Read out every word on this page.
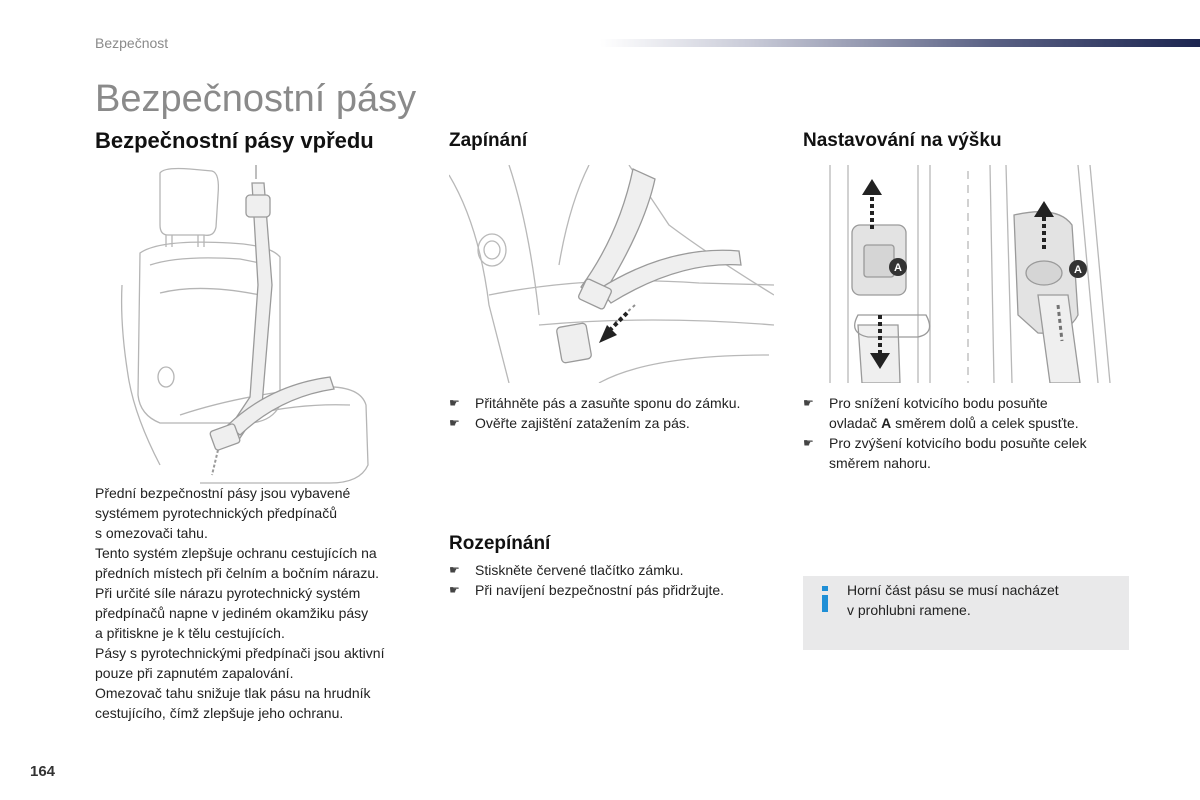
Bezpečnost
Bezpečnostní pásy
Bezpečnostní pásy vpředu

Přední bezpečnostní pásy jsou vybavené

systémem pyrotechnických předpínačů

s omezovači tahu.

Tento systém zlepšuje ochranu cestujících na

předních místech při čelním a bočním nárazu.

Při určité síle nárazu pyrotechnický systém

předpínačů napne v jediném okamžiku pásy

a přitiskne je k tělu cestujících.

Pásy s pyrotechnickými předpínači jsou aktivní

pouze při zapnutém zapalování.

Omezovač tahu snižuje tlak pásu na hrudník

cestujícího, čímž zlepšuje jeho ochranu.

Zapínání
☛ Přitáhněte pás a zasuňte sponu do zámku.
☛ Ověřte zajištění zatažením za pás.
Rozepínání
☛ Stiskněte červené tlačítko zámku.
☛ Při navíjení bezpečnostní pás přidržujte.
Nastavování na výšku
A	A
☛ Pro snížení kotvicího bodu posuňte
ovladač A směrem dolů a celek spusťte.
☛ Pro zvýšení kotvicího bodu posuňte celek
směrem nahoru.
Horní část pásu se musí nacházet
v prohlubni ramene.
164
